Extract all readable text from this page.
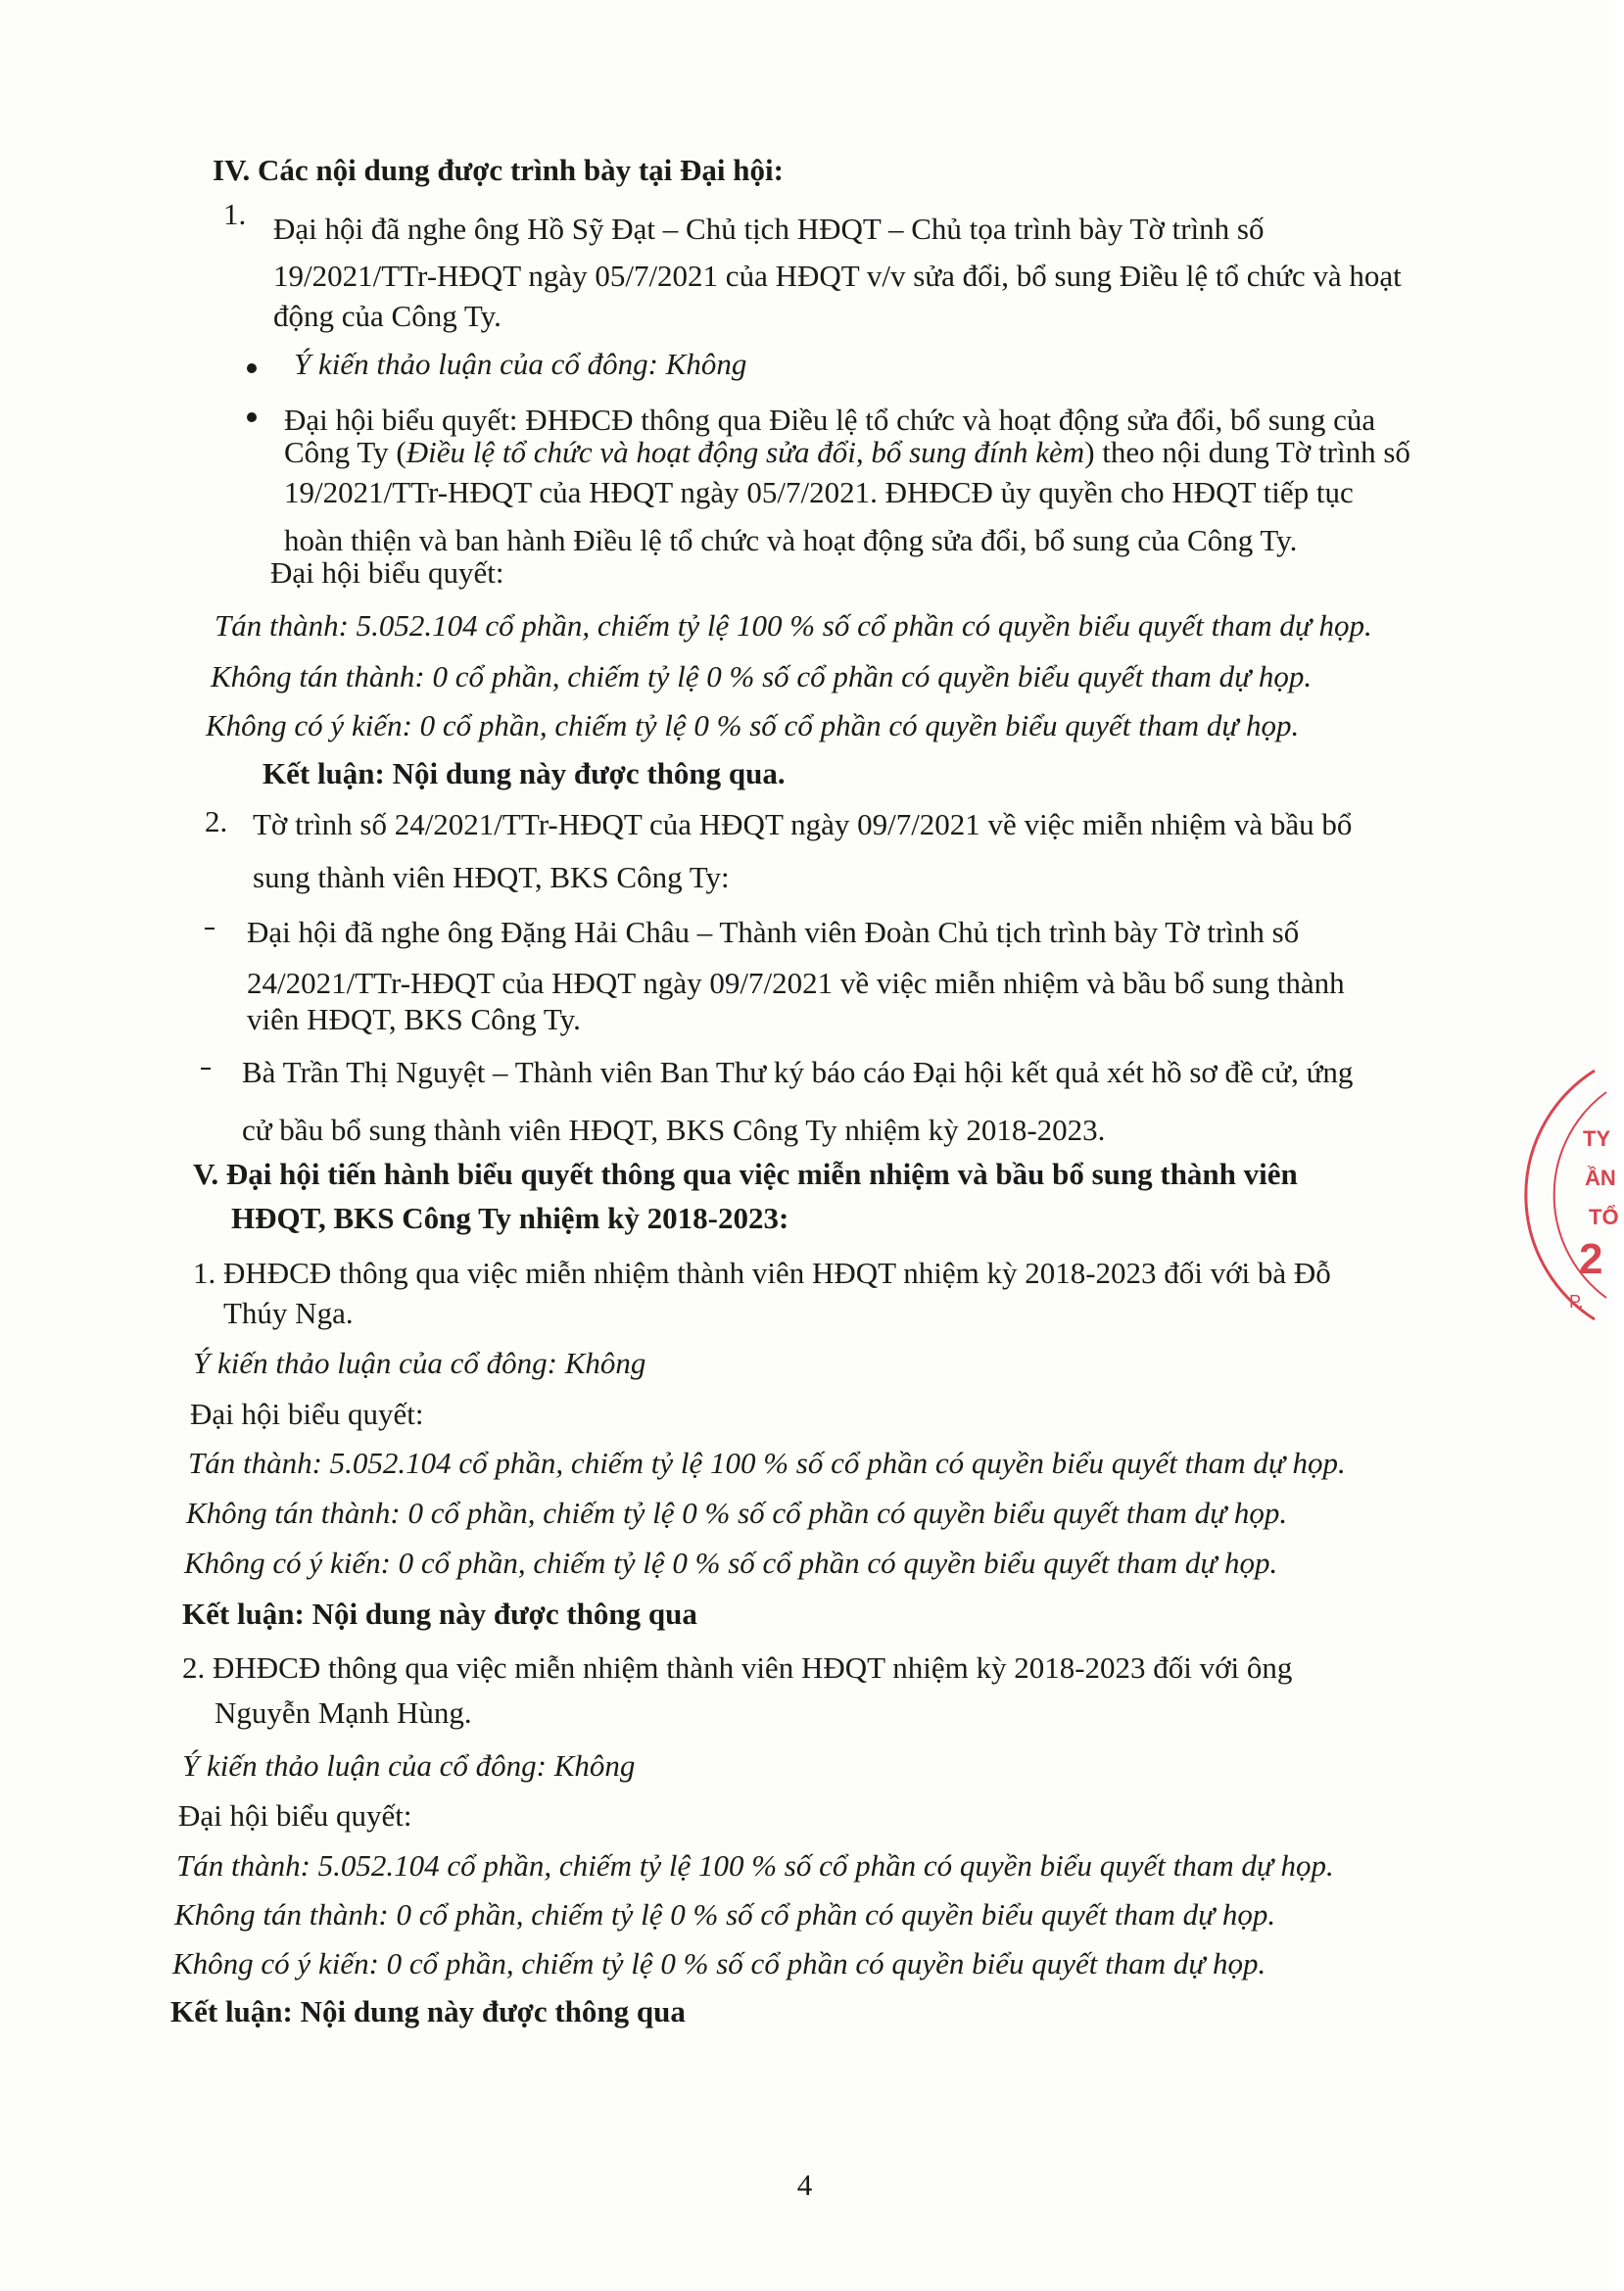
IV. Các nội dung được trình bày tại Đại hội:
1. Đại hội đã nghe ông Hồ Sỹ Đạt – Chủ tịch HĐQT – Chủ tọa trình bày Tờ trình số
19/2021/TTr-HĐQT ngày 05/7/2021 của HĐQT v/v sửa đổi, bổ sung Điều lệ tổ chức và hoạt
động của Công Ty.
Ý kiến thảo luận của cổ đông: Không
Đại hội biểu quyết: ĐHĐCĐ thông qua Điều lệ tổ chức và hoạt động sửa đổi, bổ sung của
Công Ty (Điều lệ tổ chức và hoạt động sửa đổi, bổ sung đính kèm) theo nội dung Tờ trình số
19/2021/TTr-HĐQT của HĐQT ngày 05/7/2021. ĐHĐCĐ ủy quyền cho HĐQT tiếp tục
hoàn thiện và ban hành Điều lệ tổ chức và hoạt động sửa đổi, bổ sung của Công Ty.
Đại hội biểu quyết:
Tán thành: 5.052.104 cổ phần, chiếm tỷ lệ 100 % số cổ phần có quyền biểu quyết tham dự họp.
Không tán thành: 0 cổ phần, chiếm tỷ lệ 0 % số cổ phần có quyền biểu quyết tham dự họp.
Không có ý kiến: 0 cổ phần, chiếm tỷ lệ 0 % số cổ phần có quyền biểu quyết tham dự họp.
Kết luận: Nội dung này được thông qua.
2. Tờ trình số 24/2021/TTr-HĐQT của HĐQT ngày 09/7/2021 về việc miễn nhiệm và bầu bổ
sung thành viên HĐQT, BKS Công Ty:
Đại hội đã nghe ông Đặng Hải Châu – Thành viên Đoàn Chủ tịch trình bày Tờ trình số
24/2021/TTr-HĐQT của HĐQT ngày 09/7/2021 về việc miễn nhiệm và bầu bổ sung thành
viên HĐQT, BKS Công Ty.
Bà Trần Thị Nguyệt – Thành viên Ban Thư ký báo cáo Đại hội kết quả xét hồ sơ đề cử, ứng
cử bầu bổ sung thành viên HĐQT, BKS Công Ty nhiệm kỳ 2018-2023.
V. Đại hội tiến hành biểu quyết thông qua việc miễn nhiệm và bầu bổ sung thành viên
HĐQT, BKS Công Ty nhiệm kỳ 2018-2023:
1. ĐHĐCĐ thông qua việc miễn nhiệm thành viên HĐQT nhiệm kỳ 2018-2023 đối với bà Đỗ
Thúy Nga.
Ý kiến thảo luận của cổ đông: Không
Đại hội biểu quyết:
Tán thành: 5.052.104 cổ phần, chiếm tỷ lệ 100 % số cổ phần có quyền biểu quyết tham dự họp.
Không tán thành: 0 cổ phần, chiếm tỷ lệ 0 % số cổ phần có quyền biểu quyết tham dự họp.
Không có ý kiến: 0 cổ phần, chiếm tỷ lệ 0 % số cổ phần có quyền biểu quyết tham dự họp.
Kết luận: Nội dung này được thông qua
2. ĐHĐCĐ thông qua việc miễn nhiệm thành viên HĐQT nhiệm kỳ 2018-2023 đối với ông
Nguyễn Mạnh Hùng.
Ý kiến thảo luận của cổ đông: Không
Đại hội biểu quyết:
Tán thành: 5.052.104 cổ phần, chiếm tỷ lệ 100 % số cổ phần có quyền biểu quyết tham dự họp.
Không tán thành: 0 cổ phần, chiếm tỷ lệ 0 % số cổ phần có quyền biểu quyết tham dự họp.
Không có ý kiến: 0 cổ phần, chiếm tỷ lệ 0 % số cổ phần có quyền biểu quyết tham dự họp.
Kết luận: Nội dung này được thông qua
TY
ẦN
TỔ
2
P.
4
